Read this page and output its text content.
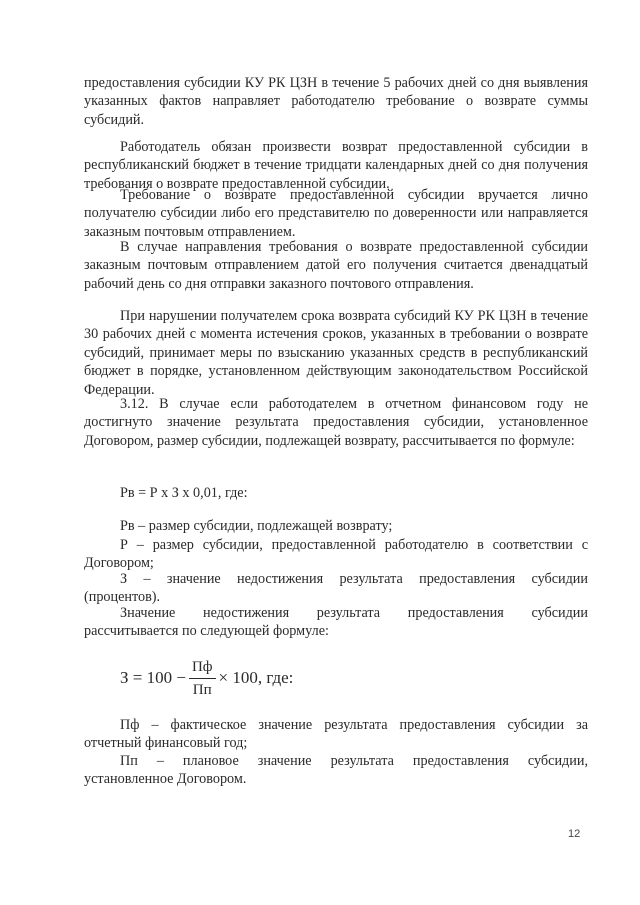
предоставления субсидии КУ РК ЦЗН в течение 5 рабочих дней со дня выявления указанных фактов направляет работодателю требование о возврате суммы субсидий.

Работодатель обязан произвести возврат предоставленной субсидии в республиканский бюджет в течение тридцати календарных дней со дня получения требования о возврате предоставленной субсидии.

Требование о возврате предоставленной субсидии вручается лично получателю субсидии либо его представителю по доверенности или направляется заказным почтовым отправлением.

В случае направления требования о возврате предоставленной субсидии заказным почтовым отправлением датой его получения считается двенадцатый рабочий день со дня отправки заказного почтового отправления.

При нарушении получателем срока возврата субсидий КУ РК ЦЗН в течение 30 рабочих дней с момента истечения сроков, указанных в требовании о возврате субсидий, принимает меры по взысканию указанных средств в республиканский бюджет в порядке, установленном действующим законодательством Российской Федерации.

3.12. В случае если работодателем в отчетном финансовом году не достигнуто значение результата предоставления субсидии, установленное Договором, размер субсидии, подлежащей возврату, рассчитывается по формуле:

Рв = Р х З х 0,01, где:

Рв – размер субсидии, подлежащей возврату;

Р – размер субсидии, предоставленной работодателю в соответствии с Договором;

З – значение недостижения результата предоставления субсидии (процентов).

Значение недостижения результата предоставления субсидии рассчитывается по следующей формуле:

$З = 100 - \frac{Пф}{Пп} \times 100$, где:

Пф – фактическое значение результата предоставления субсидии за отчетный финансовый год;

Пп – плановое значение результата предоставления субсидии, установленное Договором.

12
